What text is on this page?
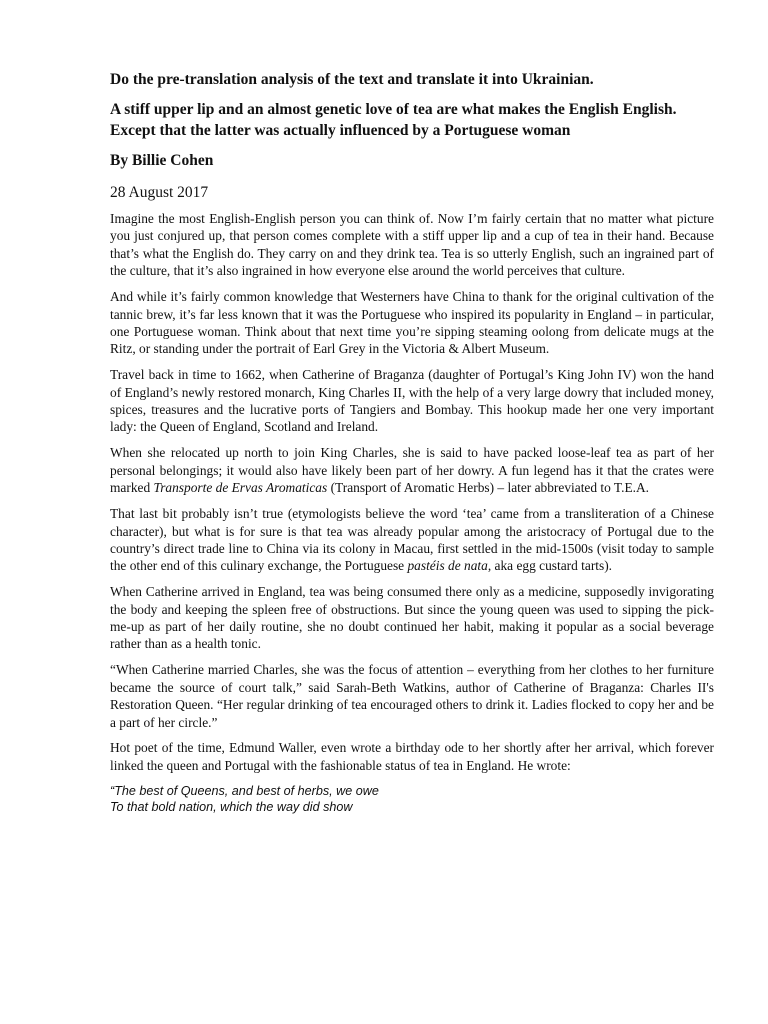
Do the pre-translation analysis of the text and translate it into Ukrainian.

A stiff upper lip and an almost genetic love of tea are what makes the English English. Except that the latter was actually influenced by a Portuguese woman

By Billie Cohen

28 August 2017

Imagine the most English-English person you can think of. Now I’m fairly certain that no matter what picture you just conjured up, that person comes complete with a stiff upper lip and a cup of tea in their hand. Because that’s what the English do. They carry on and they drink tea. Tea is so utterly English, such an ingrained part of the culture, that it’s also ingrained in how everyone else around the world perceives that culture.

And while it’s fairly common knowledge that Westerners have China to thank for the original cultivation of the tannic brew, it’s far less known that it was the Portuguese who inspired its popularity in England – in particular, one Portuguese woman. Think about that next time you’re sipping steaming oolong from delicate mugs at the Ritz, or standing under the portrait of Earl Grey in the Victoria & Albert Museum.

Travel back in time to 1662, when Catherine of Braganza (daughter of Portugal’s King John IV) won the hand of England’s newly restored monarch, King Charles II, with the help of a very large dowry that included money, spices, treasures and the lucrative ports of Tangiers and Bombay. This hookup made her one very important lady: the Queen of England, Scotland and Ireland.

When she relocated up north to join King Charles, she is said to have packed loose-leaf tea as part of her personal belongings; it would also have likely been part of her dowry. A fun legend has it that the crates were marked Transporte de Ervas Aromaticas (Transport of Aromatic Herbs) – later abbreviated to T.E.A.

That last bit probably isn’t true (etymologists believe the word ‘tea’ came from a transliteration of a Chinese character), but what is for sure is that tea was already popular among the aristocracy of Portugal due to the country’s direct trade line to China via its colony in Macau, first settled in the mid-1500s (visit today to sample the other end of this culinary exchange, the Portuguese pastéis de nata, aka egg custard tarts).

When Catherine arrived in England, tea was being consumed there only as a medicine, supposedly invigorating the body and keeping the spleen free of obstructions. But since the young queen was used to sipping the pick-me-up as part of her daily routine, she no doubt continued her habit, making it popular as a social beverage rather than as a health tonic.

“When Catherine married Charles, she was the focus of attention – everything from her clothes to her furniture became the source of court talk,” said Sarah-Beth Watkins, author of Catherine of Braganza: Charles II's Restoration Queen. “Her regular drinking of tea encouraged others to drink it. Ladies flocked to copy her and be a part of her circle.”

Hot poet of the time, Edmund Waller, even wrote a birthday ode to her shortly after her arrival, which forever linked the queen and Portugal with the fashionable status of tea in England. He wrote:

“The best of Queens, and best of herbs, we owe
To that bold nation, which the way did show
